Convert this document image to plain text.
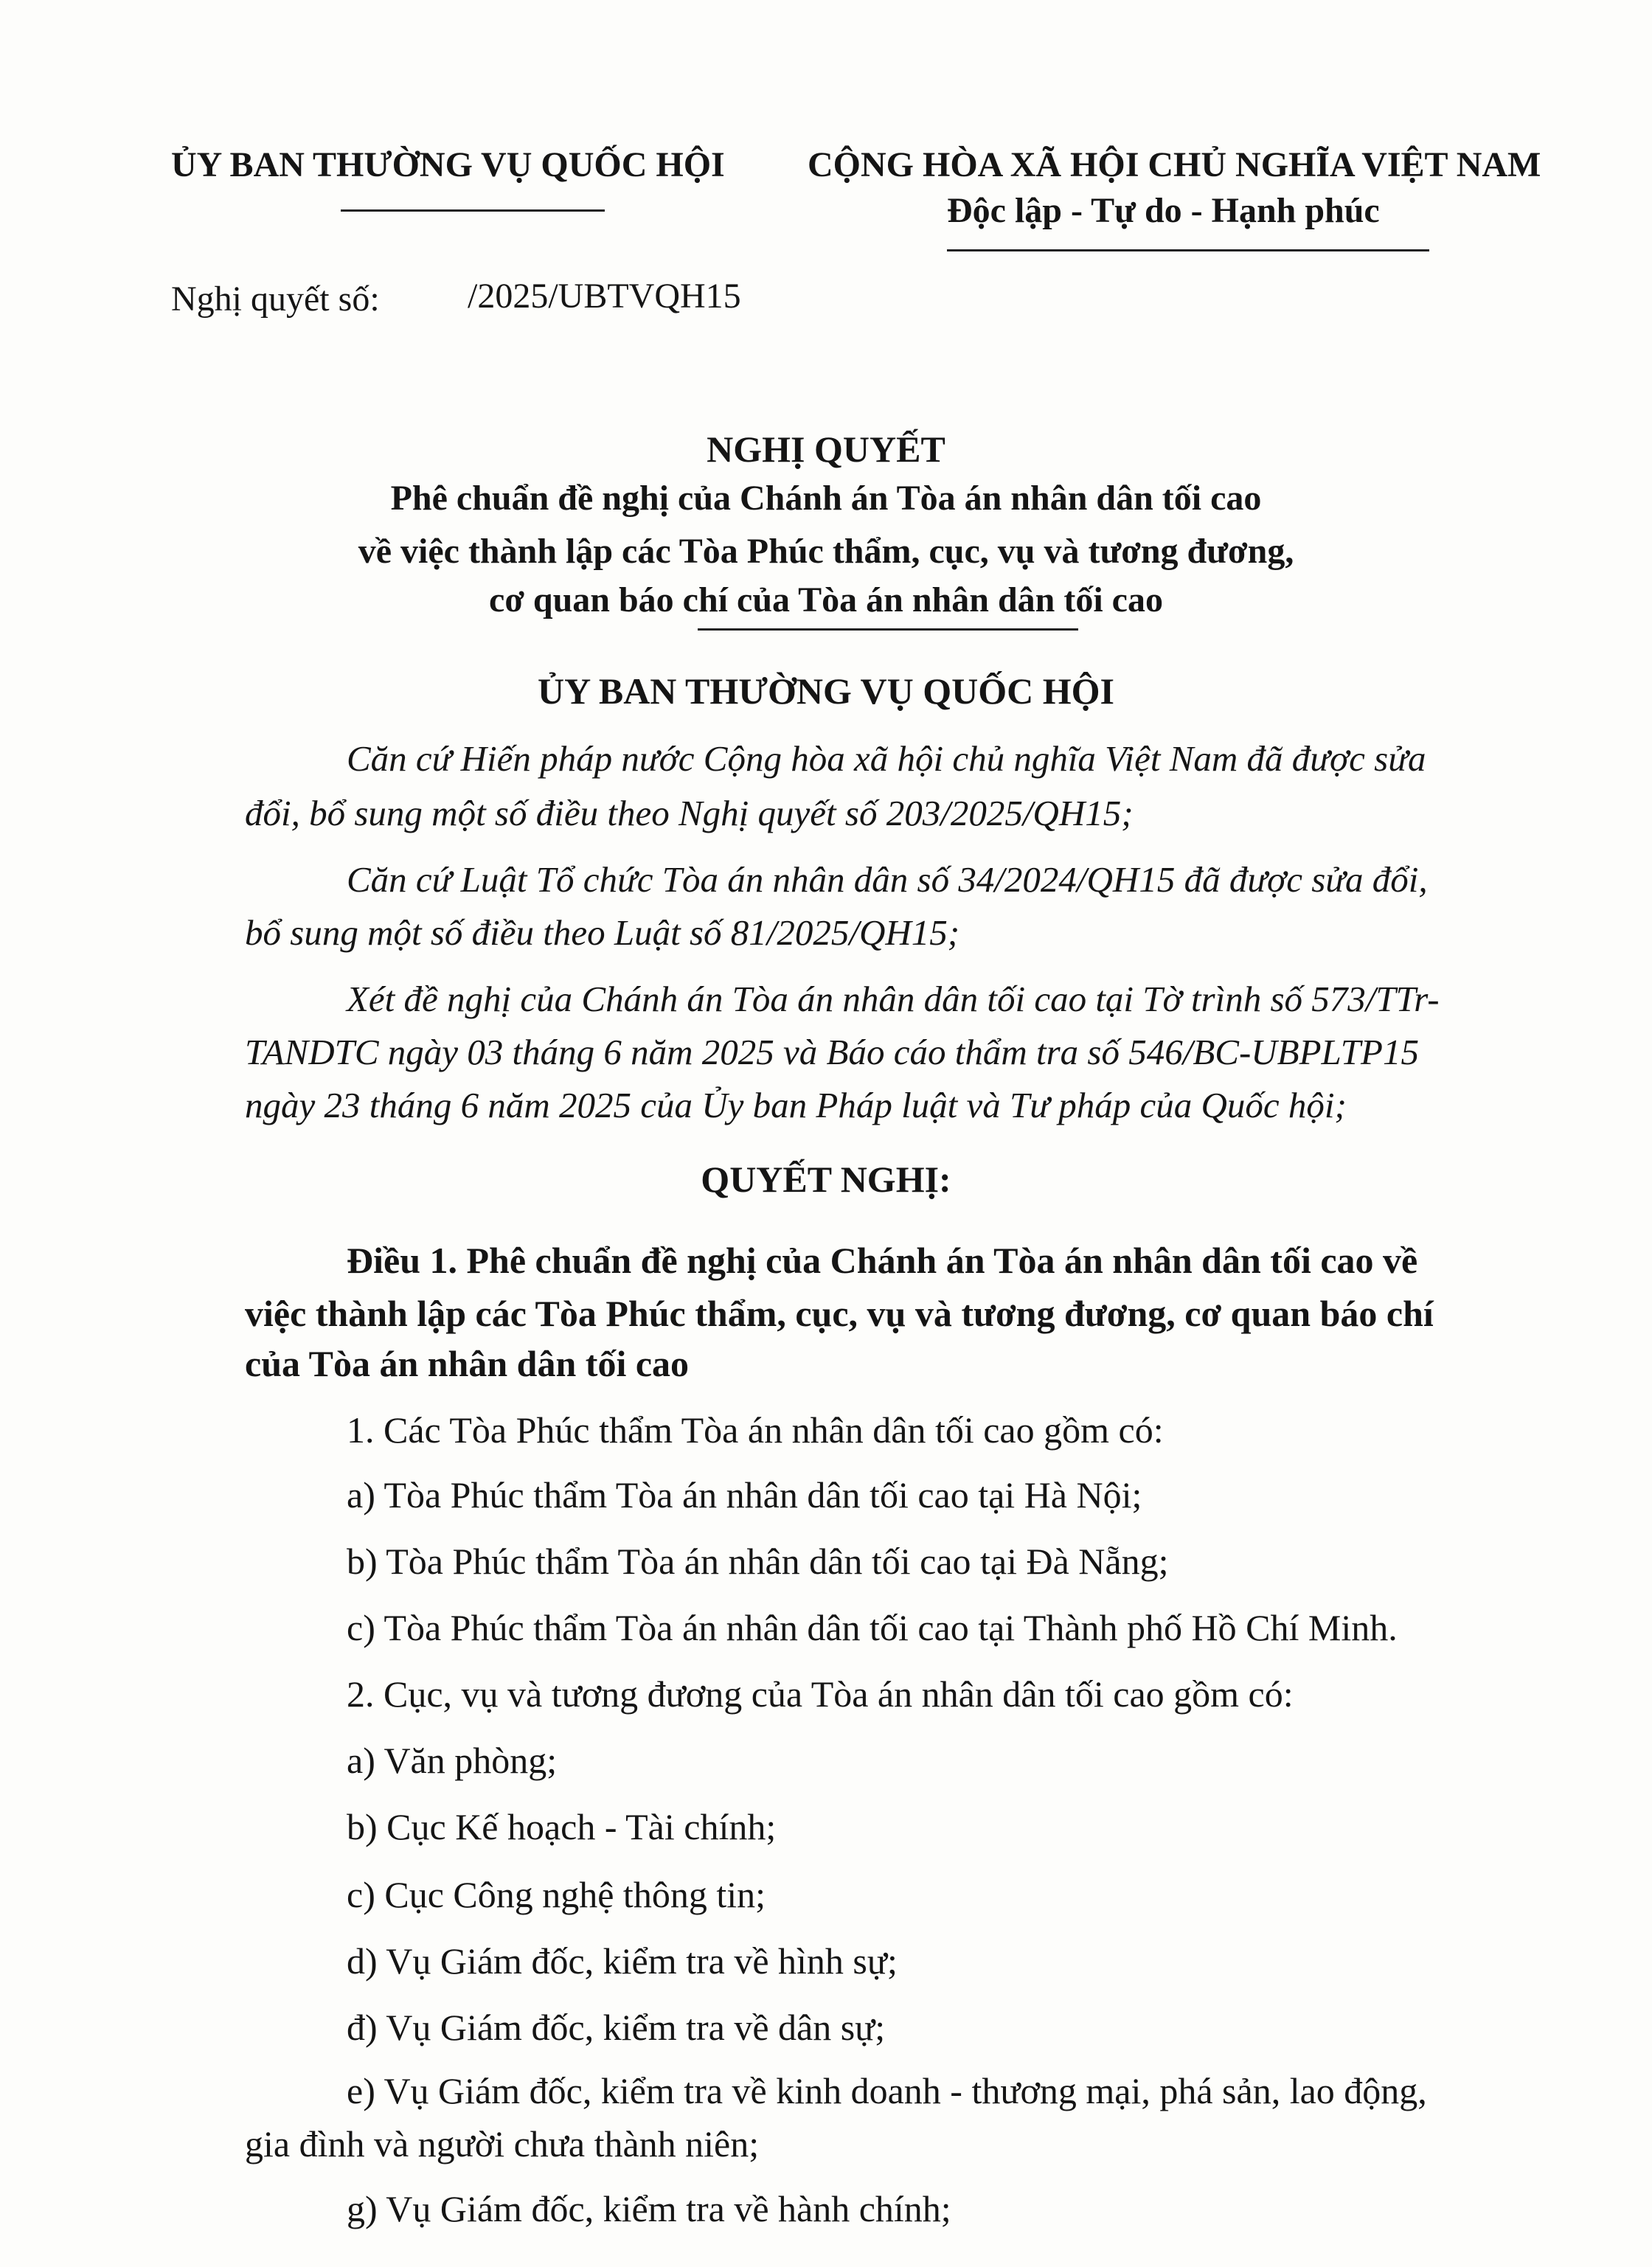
ỦY BAN THƯỜNG VỤ QUỐC HỘI CỘNG HÒA XÃ HỘI CHỦ NGHĨA VIỆT NAM
Độc lập - Tự do - Hạnh phúc
Nghị quyết số: /2025/UBTVQH15
NGHỊ QUYẾT
Phê chuẩn đề nghị của Chánh án Tòa án nhân dân tối cao
về việc thành lập các Tòa Phúc thẩm, cục, vụ và tương đương,
cơ quan báo chí của Tòa án nhân dân tối cao
ỦY BAN THƯỜNG VỤ QUỐC HỘI
Căn cứ Hiến pháp nước Cộng hòa xã hội chủ nghĩa Việt Nam đã được sửa
đổi, bổ sung một số điều theo Nghị quyết số 203/2025/QH15;
Căn cứ Luật Tổ chức Tòa án nhân dân số 34/2024/QH15 đã được sửa đổi,
bổ sung một số điều theo Luật số 81/2025/QH15;
Xét đề nghị của Chánh án Tòa án nhân dân tối cao tại Tờ trình số 573/TTr-
TANDTC ngày 03 tháng 6 năm 2025 và Báo cáo thẩm tra số 546/BC-UBPLTP15
ngày 23 tháng 6 năm 2025 của Ủy ban Pháp luật và Tư pháp của Quốc hội;
QUYẾT NGHỊ:
Điều 1. Phê chuẩn đề nghị của Chánh án Tòa án nhân dân tối cao về
việc thành lập các Tòa Phúc thẩm, cục, vụ và tương đương, cơ quan báo chí
của Tòa án nhân dân tối cao
1. Các Tòa Phúc thẩm Tòa án nhân dân tối cao gồm có:
a) Tòa Phúc thẩm Tòa án nhân dân tối cao tại Hà Nội;
b) Tòa Phúc thẩm Tòa án nhân dân tối cao tại Đà Nẵng;
c) Tòa Phúc thẩm Tòa án nhân dân tối cao tại Thành phố Hồ Chí Minh.
2. Cục, vụ và tương đương của Tòa án nhân dân tối cao gồm có:
a) Văn phòng;
b) Cục Kế hoạch - Tài chính;
c) Cục Công nghệ thông tin;
d) Vụ Giám đốc, kiểm tra về hình sự;
đ) Vụ Giám đốc, kiểm tra về dân sự;
e) Vụ Giám đốc, kiểm tra về kinh doanh - thương mại, phá sản, lao động,
gia đình và người chưa thành niên;
g) Vụ Giám đốc, kiểm tra về hành chính;
